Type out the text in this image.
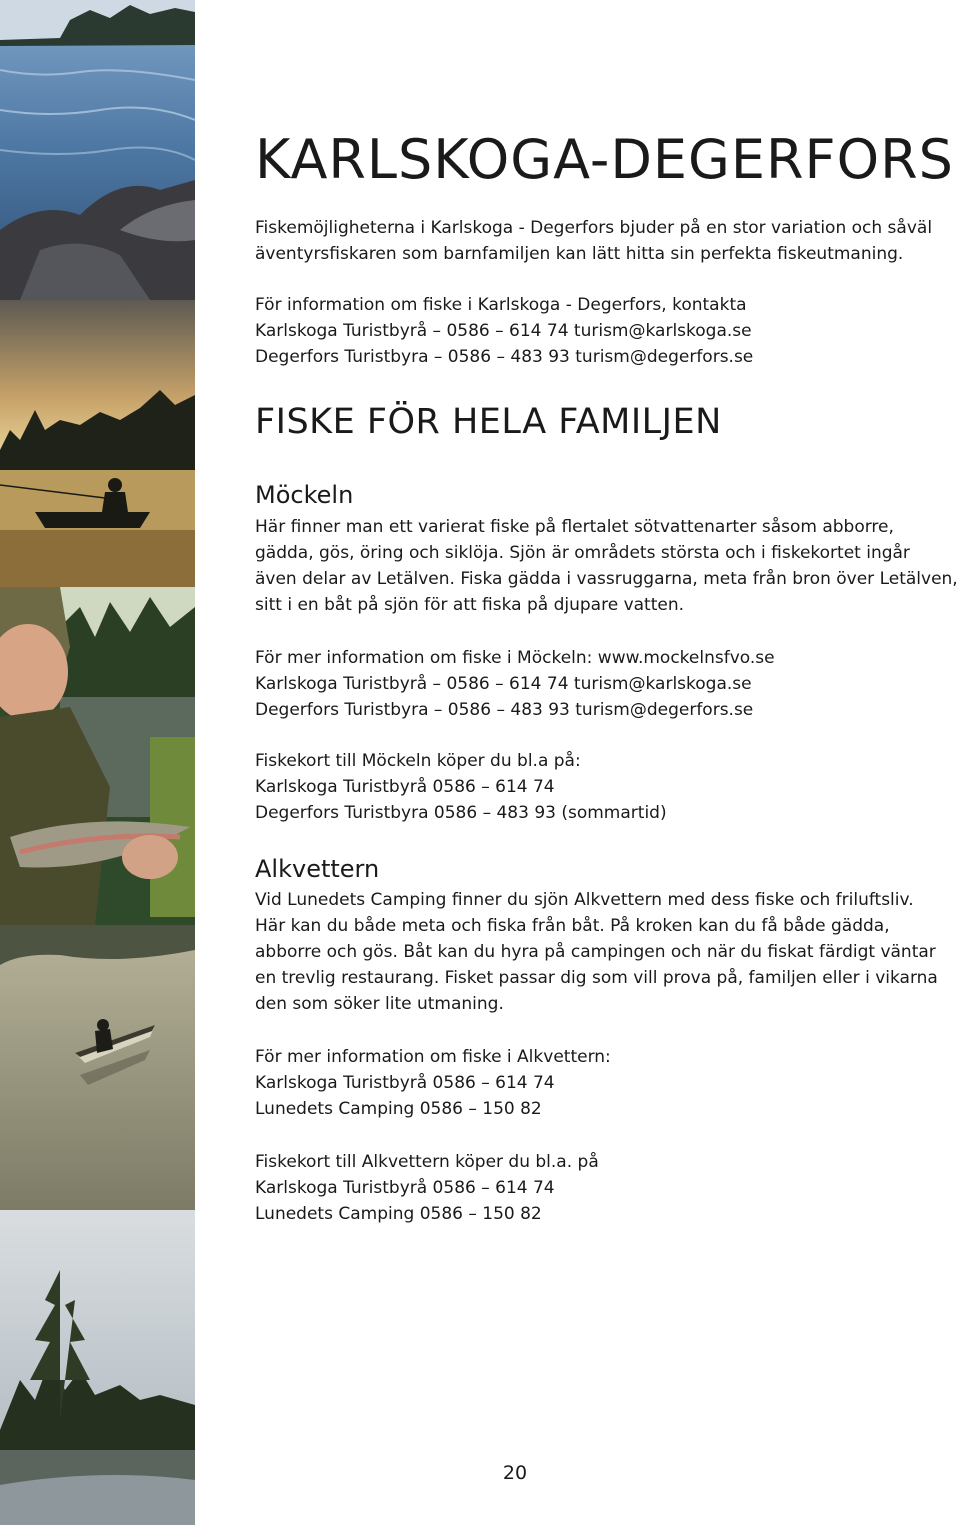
KARLSKOGA-DEGERFORS
Fiskemöjligheterna i Karlskoga - Degerfors bjuder på en stor variation och såväl
äventyrsfiskaren som barnfamiljen kan lätt hitta sin perfekta fiskeutmaning.
För information om fiske i Karlskoga - Degerfors, kontakta
Karlskoga Turistbyrå – 0586 – 614 74 turism@karlskoga.se
Degerfors Turistbyra – 0586 – 483 93 turism@degerfors.se
FISKE FÖR HELA FAMILJEN
Möckeln
Här finner man ett varierat fiske på flertalet sötvattenarter såsom abborre,
gädda, gös, öring och siklöja. Sjön är områdets största och i fiskekortet ingår
även delar av Letälven. Fiska gädda i vassruggarna, meta från bron över Letälven,
sitt i en båt på sjön för att fiska på djupare vatten.
För mer information om fiske i Möckeln: www.mockelnsfvo.se
Karlskoga Turistbyrå – 0586 – 614 74 turism@karlskoga.se
Degerfors Turistbyra – 0586 – 483 93 turism@degerfors.se
Fiskekort till Möckeln köper du bl.a på:
Karlskoga Turistbyrå 0586 – 614 74
Degerfors Turistbyra 0586 – 483 93 (sommartid)
Alkvettern
Vid Lunedets Camping finner du sjön Alkvettern med dess fiske och friluftsliv.
Här kan du både meta och fiska från båt. På kroken kan du få både gädda,
abborre och gös. Båt kan du hyra på campingen och när du fiskat färdigt väntar
en trevlig restaurang. Fisket passar dig som vill prova på, familjen eller i vikarna
den som söker lite utmaning.
För mer information om fiske i Alkvettern:
Karlskoga Turistbyrå 0586 – 614 74
Lunedets Camping 0586 – 150 82
Fiskekort till Alkvettern köper du bl.a. på
Karlskoga Turistbyrå 0586 – 614 74
Lunedets Camping 0586 – 150 82
20
